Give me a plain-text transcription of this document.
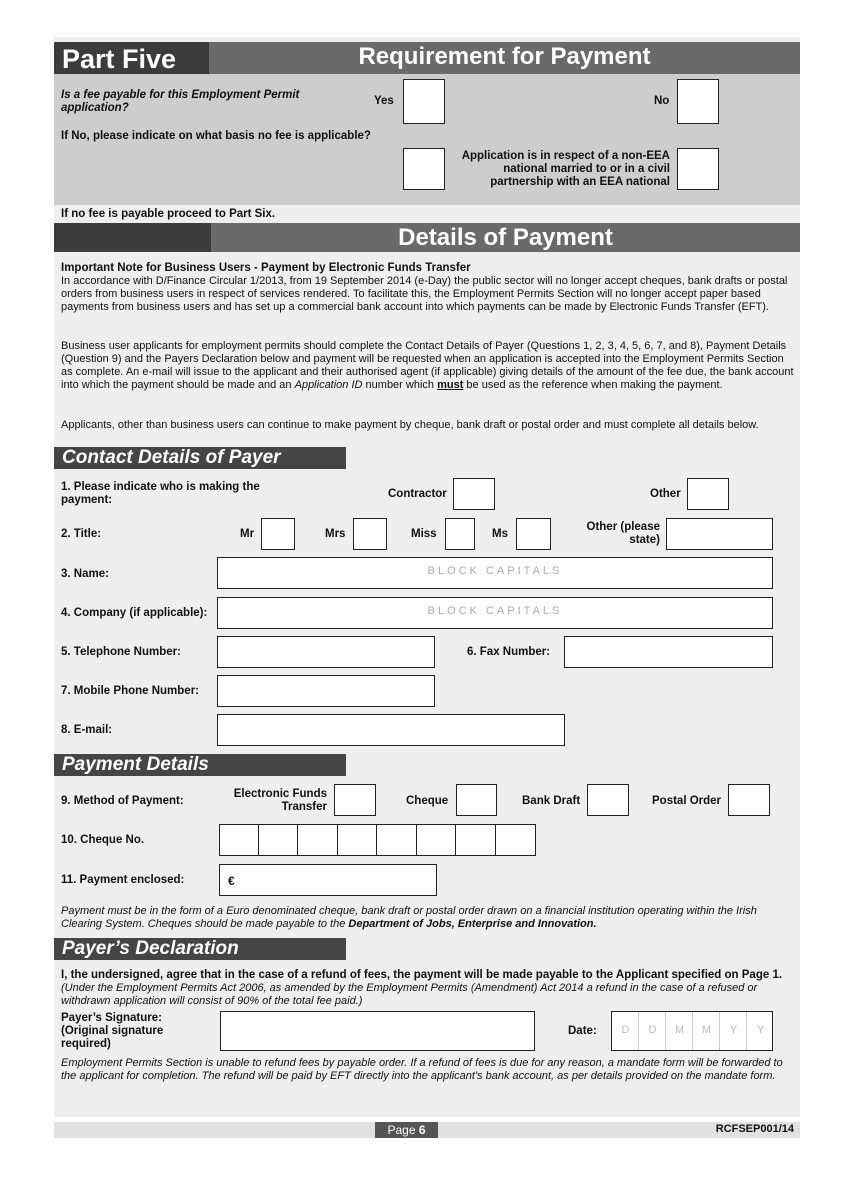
Part Five	Requirement for Payment
Is a fee payable for this Employment Permit application?
Yes	No
If No, please indicate on what basis no fee is applicable?
Application is in respect of a non-EEA national married to or in a civil partnership with an EEA national
If no fee is payable proceed to Part Six.
Details of Payment
Important Note for Business Users - Payment by Electronic Funds Transfer
In accordance with D/Finance Circular 1/2013, from 19 September 2014 (e-Day) the public sector will no longer accept cheques, bank drafts or postal orders from business users in respect of services rendered. To facilitate this, the Employment Permits Section will no longer accept paper based payments from business users and has set up a commercial bank account into which payments can be made by Electronic Funds Transfer (EFT).
Business user applicants for employment permits should complete the Contact Details of Payer (Questions 1, 2, 3, 4, 5, 6, 7, and 8), Payment Details (Question 9) and the Payers Declaration below and payment will be requested when an application is accepted into the Employment Permits Section as complete. An e-mail will issue to the applicant and their authorised agent (if applicable) giving details of the amount of the fee due, the bank account into which the payment should be made and an Application ID number which must be used as the reference when making the payment.
Applicants, other than business users can continue to make payment by cheque, bank draft or postal order and must complete all details below.
Contact Details of Payer
1. Please indicate who is making the payment:	Contractor	Other
2. Title:	Mr	Mrs	Miss	Ms
Other (please state)
3. Name:	BLOCK CAPITALS
4. Company (if applicable):	BLOCK CAPITALS
5. Telephone Number:	6. Fax Number:
7. Mobile Phone Number:
8. E-mail:
Payment Details
9. Method of Payment:
Electronic Funds Transfer	Cheque	Bank Draft	Postal Order
10. Cheque No.
11. Payment enclosed:	€
Payment must be in the form of a Euro denominated cheque, bank draft or postal order drawn on a financial institution operating within the Irish Clearing System. Cheques should be made payable to the Department of Jobs, Enterprise and Innovation.
Payer’s Declaration
I, the undersigned, agree that in the case of a refund of fees, the payment will be made payable to the Applicant specified on Page 1.
(Under the Employment Permits Act 2006, as amended by the Employment Permits (Amendment) Act 2014 a refund in the case of a refused or withdrawn application will consist of 90% of the total fee paid.)
Payer’s Signature:
(Original signature required)
Date:	D	D	M	M	Y	Y
Employment Permits Section is unable to refund fees by payable order. If a refund of fees is due for any reason, a mandate form will be forwarded to the applicant for completion. The refund will be paid by EFT directly into the applicant's bank account, as per details provided on the mandate form.
Page 6	RCFSEP001/14
